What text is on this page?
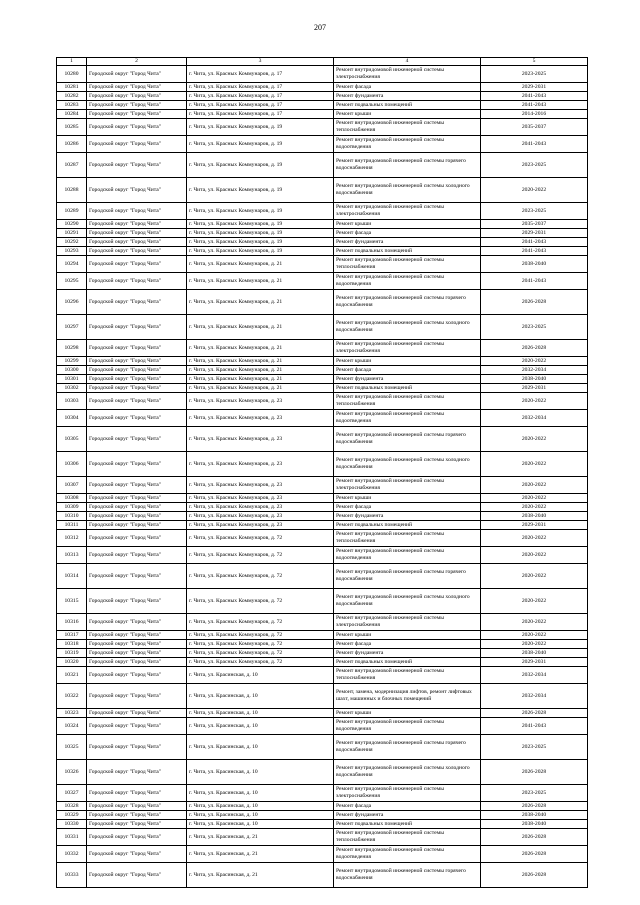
207
1	2	3	4	5
10280	Городской округ "Город Чита"	г. Чита, ул. Красных Коммунаров, д. 17	Ремонт внутридомовой инженерной системы электроснабжения	2023-2025
10281	Городской округ "Город Чита"	г. Чита, ул. Красных Коммунаров, д. 17	Ремонт фасада	2029-2031
10282	Городской округ "Город Чита"	г. Чита, ул. Красных Коммунаров, д. 17	Ремонт фундамента	2041-2043
10283	Городской округ "Город Чита"	г. Чита, ул. Красных Коммунаров, д. 17	Ремонт подвальных помещений	2041-2043
10284	Городской округ "Город Чита"	г. Чита, ул. Красных Коммунаров, д. 17	Ремонт крыши	2014-2016
10285	Городской округ "Город Чита"	г. Чита, ул. Красных Коммунаров, д. 19	Ремонт внутридомовой инженерной системы теплоснабжения	2035-2037
10286	Городской округ "Город Чита"	г. Чита, ул. Красных Коммунаров, д. 19	Ремонт внутридомовой инженерной системы водоотведения	2041-2043
10287	Городской округ "Город Чита"	г. Чита, ул. Красных Коммунаров, д. 19	Ремонт внутридомовой инженерной системы горячего водоснабжения	2023-2025
10288	Городской округ "Город Чита"	г. Чита, ул. Красных Коммунаров, д. 19	Ремонт внутридомовой инженерной системы холодного водоснабжения	2020-2022
10289	Городской округ "Город Чита"	г. Чита, ул. Красных Коммунаров, д. 19	Ремонт внутридомовой инженерной системы электроснабжения	2023-2025
10290	Городской округ "Город Чита"	г. Чита, ул. Красных Коммунаров, д. 19	Ремонт крыши	2035-2037
10291	Городской округ "Город Чита"	г. Чита, ул. Красных Коммунаров, д. 19	Ремонт фасада	2029-2031
10292	Городской округ "Город Чита"	г. Чита, ул. Красных Коммунаров, д. 19	Ремонт фундамента	2041-2043
10293	Городской округ "Город Чита"	г. Чита, ул. Красных Коммунаров, д. 19	Ремонт подвальных помещений	2041-2043
10294	Городской округ "Город Чита"	г. Чита, ул. Красных Коммунаров, д. 21	Ремонт внутридомовой инженерной системы теплоснабжения	2038-2040
10295	Городской округ "Город Чита"	г. Чита, ул. Красных Коммунаров, д. 21	Ремонт внутридомовой инженерной системы водоотведения	2041-2043
10296	Городской округ "Город Чита"	г. Чита, ул. Красных Коммунаров, д. 21	Ремонт внутридомовой инженерной системы горячего водоснабжения	2026-2028
10297	Городской округ "Город Чита"	г. Чита, ул. Красных Коммунаров, д. 21	Ремонт внутридомовой инженерной системы холодного водоснабжения	2023-2025
10298	Городской округ "Город Чита"	г. Чита, ул. Красных Коммунаров, д. 21	Ремонт внутридомовой инженерной системы электроснабжения	2026-2028
10299	Городской округ "Город Чита"	г. Чита, ул. Красных Коммунаров, д. 21	Ремонт крыши	2020-2022
10300	Городской округ "Город Чита"	г. Чита, ул. Красных Коммунаров, д. 21	Ремонт фасада	2032-2034
10301	Городской округ "Город Чита"	г. Чита, ул. Красных Коммунаров, д. 21	Ремонт фундамента	2038-2040
10302	Городской округ "Город Чита"	г. Чита, ул. Красных Коммунаров, д. 21	Ремонт подвальных помещений	2029-2031
10303	Городской округ "Город Чита"	г. Чита, ул. Красных Коммунаров, д. 23	Ремонт внутридомовой инженерной системы теплоснабжения	2020-2022
10304	Городской округ "Город Чита"	г. Чита, ул. Красных Коммунаров, д. 23	Ремонт внутридомовой инженерной системы водоотведения	2032-2034
10305	Городской округ "Город Чита"	г. Чита, ул. Красных Коммунаров, д. 23	Ремонт внутридомовой инженерной системы горячего водоснабжения	2020-2022
10306	Городской округ "Город Чита"	г. Чита, ул. Красных Коммунаров, д. 23	Ремонт внутридомовой инженерной системы холодного водоснабжения	2020-2022
10307	Городской округ "Город Чита"	г. Чита, ул. Красных Коммунаров, д. 23	Ремонт внутридомовой инженерной системы электроснабжения	2020-2022
10308	Городской округ "Город Чита"	г. Чита, ул. Красных Коммунаров, д. 23	Ремонт крыши	2020-2022
10309	Городской округ "Город Чита"	г. Чита, ул. Красных Коммунаров, д. 23	Ремонт фасада	2020-2022
10310	Городской округ "Город Чита"	г. Чита, ул. Красных Коммунаров, д. 23	Ремонт фундамента	2038-2040
10311	Городской округ "Город Чита"	г. Чита, ул. Красных Коммунаров, д. 23	Ремонт подвальных помещений	2029-2031
10312	Городской округ "Город Чита"	г. Чита, ул. Красных Коммунаров, д. 72	Ремонт внутридомовой инженерной системы теплоснабжения	2020-2022
10313	Городской округ "Город Чита"	г. Чита, ул. Красных Коммунаров, д. 72	Ремонт внутридомовой инженерной системы водоотведения	2020-2022
10314	Городской округ "Город Чита"	г. Чита, ул. Красных Коммунаров, д. 72	Ремонт внутридомовой инженерной системы горячего водоснабжения	2020-2022
10315	Городской округ "Город Чита"	г. Чита, ул. Красных Коммунаров, д. 72	Ремонт внутридомовой инженерной системы холодного водоснабжения	2020-2022
10316	Городской округ "Город Чита"	г. Чита, ул. Красных Коммунаров, д. 72	Ремонт внутридомовой инженерной системы электроснабжения	2020-2022
10317	Городской округ "Город Чита"	г. Чита, ул. Красных Коммунаров, д. 72	Ремонт крыши	2020-2022
10318	Городской округ "Город Чита"	г. Чита, ул. Красных Коммунаров, д. 72	Ремонт фасада	2020-2022
10319	Городской округ "Город Чита"	г. Чита, ул. Красных Коммунаров, д. 72	Ремонт фундамента	2038-2040
10320	Городской округ "Город Чита"	г. Чита, ул. Красных Коммунаров, д. 72	Ремонт подвальных помещений	2029-2031
10321	Городской округ "Город Чита"	г. Чита, ул. Красинская, д. 10	Ремонт внутридомовой инженерной системы теплоснабжения	2032-2034
10322	Городской округ "Город Чита"	г. Чита, ул. Красинская, д. 10	Ремонт, замена, модернизация лифтов, ремонт лифтовых шахт, машинных и блочных помещений	2032-2034
10323	Городской округ "Город Чита"	г. Чита, ул. Красинская, д. 10	Ремонт крыши	2026-2028
10324	Городской округ "Город Чита"	г. Чита, ул. Красинская, д. 10	Ремонт внутридомовой инженерной системы водоотведения	2041-2043
10325	Городской округ "Город Чита"	г. Чита, ул. Красинская, д. 10	Ремонт внутридомовой инженерной системы горячего водоснабжения	2023-2025
10326	Городской округ "Город Чита"	г. Чита, ул. Красинская, д. 10	Ремонт внутридомовой инженерной системы холодного водоснабжения	2026-2028
10327	Городской округ "Город Чита"	г. Чита, ул. Красинская, д. 10	Ремонт внутридомовой инженерной системы электроснабжения	2023-2025
10328	Городской округ "Город Чита"	г. Чита, ул. Красинская, д. 10	Ремонт фасада	2026-2028
10329	Городской округ "Город Чита"	г. Чита, ул. Красинская, д. 10	Ремонт фундамента	2038-2040
10330	Городской округ "Город Чита"	г. Чита, ул. Красинская, д. 10	Ремонт подвальных помещений	2038-2040
10331	Городской округ "Город Чита"	г. Чита, ул. Красинская, д. 21	Ремонт внутридомовой инженерной системы теплоснабжения	2026-2028
10332	Городской округ "Город Чита"	г. Чита, ул. Красинская, д. 21	Ремонт внутридомовой инженерной системы водоотведения	2026-2028
10333	Городской округ "Город Чита"	г. Чита, ул. Красинская, д. 21	Ремонт внутридомовой инженерной системы горячего водоснабжения	2026-2028
